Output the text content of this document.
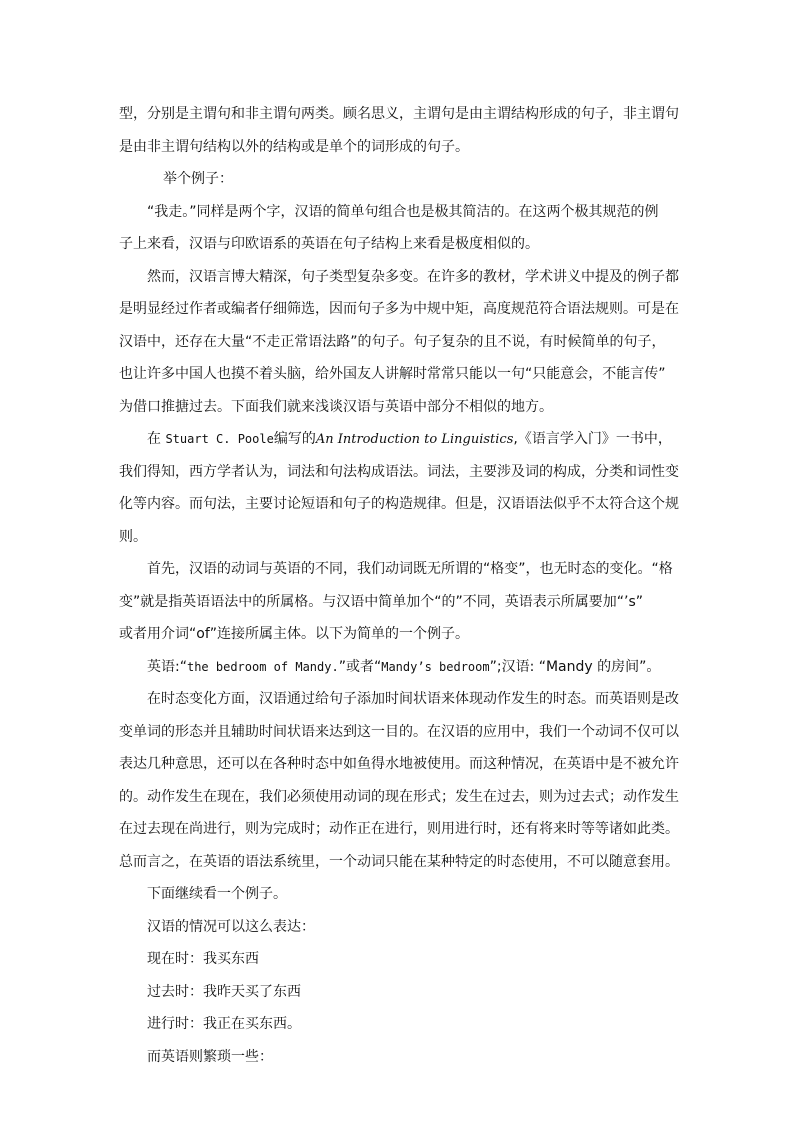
型，分别是主谓句和非主谓句两类。顾名思义，主谓句是由主谓结构形成的句子，非主谓句
是由非主谓句结构以外的结构或是单个的词形成的句子。
举个例子：
“我走。”同样是两个字，汉语的简单句组合也是极其简洁的。在这两个极其规范的例
子上来看，汉语与印欧语系的英语在句子结构上来看是极度相似的。
然而，汉语言博大精深，句子类型复杂多变。在许多的教材，学术讲义中提及的例子都
是明显经过作者或编者仔细筛选，因而句子多为中规中矩，高度规范符合语法规则。可是在
汉语中，还存在大量“不走正常语法路”的句子。句子复杂的且不说，有时候简单的句子，
也让许多中国人也摸不着头脑，给外国友人讲解时常常只能以一句“只能意会，不能言传”
为借口推搪过去。下面我们就来浅谈汉语与英语中部分不相似的地方。
在 Stuart C. Poole编写的An Introduction to Linguistics,《语言学入门》一书中，
我们得知，西方学者认为，词法和句法构成语法。词法，主要涉及词的构成，分类和词性变
化等内容。而句法，主要讨论短语和句子的构造规律。但是，汉语语法似乎不太符合这个规
则。
首先，汉语的动词与英语的不同，我们动词既无所谓的“格变”，也无时态的变化。“格
变”就是指英语语法中的所属格。与汉语中简单加个“的”不同，英语表示所属要加“’s”
或者用介词“of”连接所属主体。以下为简单的一个例子。
英语:“the bedroom of Mandy.”或者“Mandy’s bedroom”;汉语: “Mandy 的房间”。
在时态变化方面，汉语通过给句子添加时间状语来体现动作发生的时态。而英语则是改
变单词的形态并且辅助时间状语来达到这一目的。在汉语的应用中，我们一个动词不仅可以
表达几种意思，还可以在各种时态中如鱼得水地被使用。而这种情况，在英语中是不被允许
的。动作发生在现在，我们必须使用动词的现在形式；发生在过去，则为过去式；动作发生
在过去现在尚进行，则为完成时；动作正在进行，则用进行时，还有将来时等等诸如此类。
总而言之，在英语的语法系统里，一个动词只能在某种特定的时态使用，不可以随意套用。
下面继续看一个例子。
汉语的情况可以这么表达：
现在时：我买东西
过去时：我昨天买了东西
进行时：我正在买东西。
而英语则繁琐一些：
